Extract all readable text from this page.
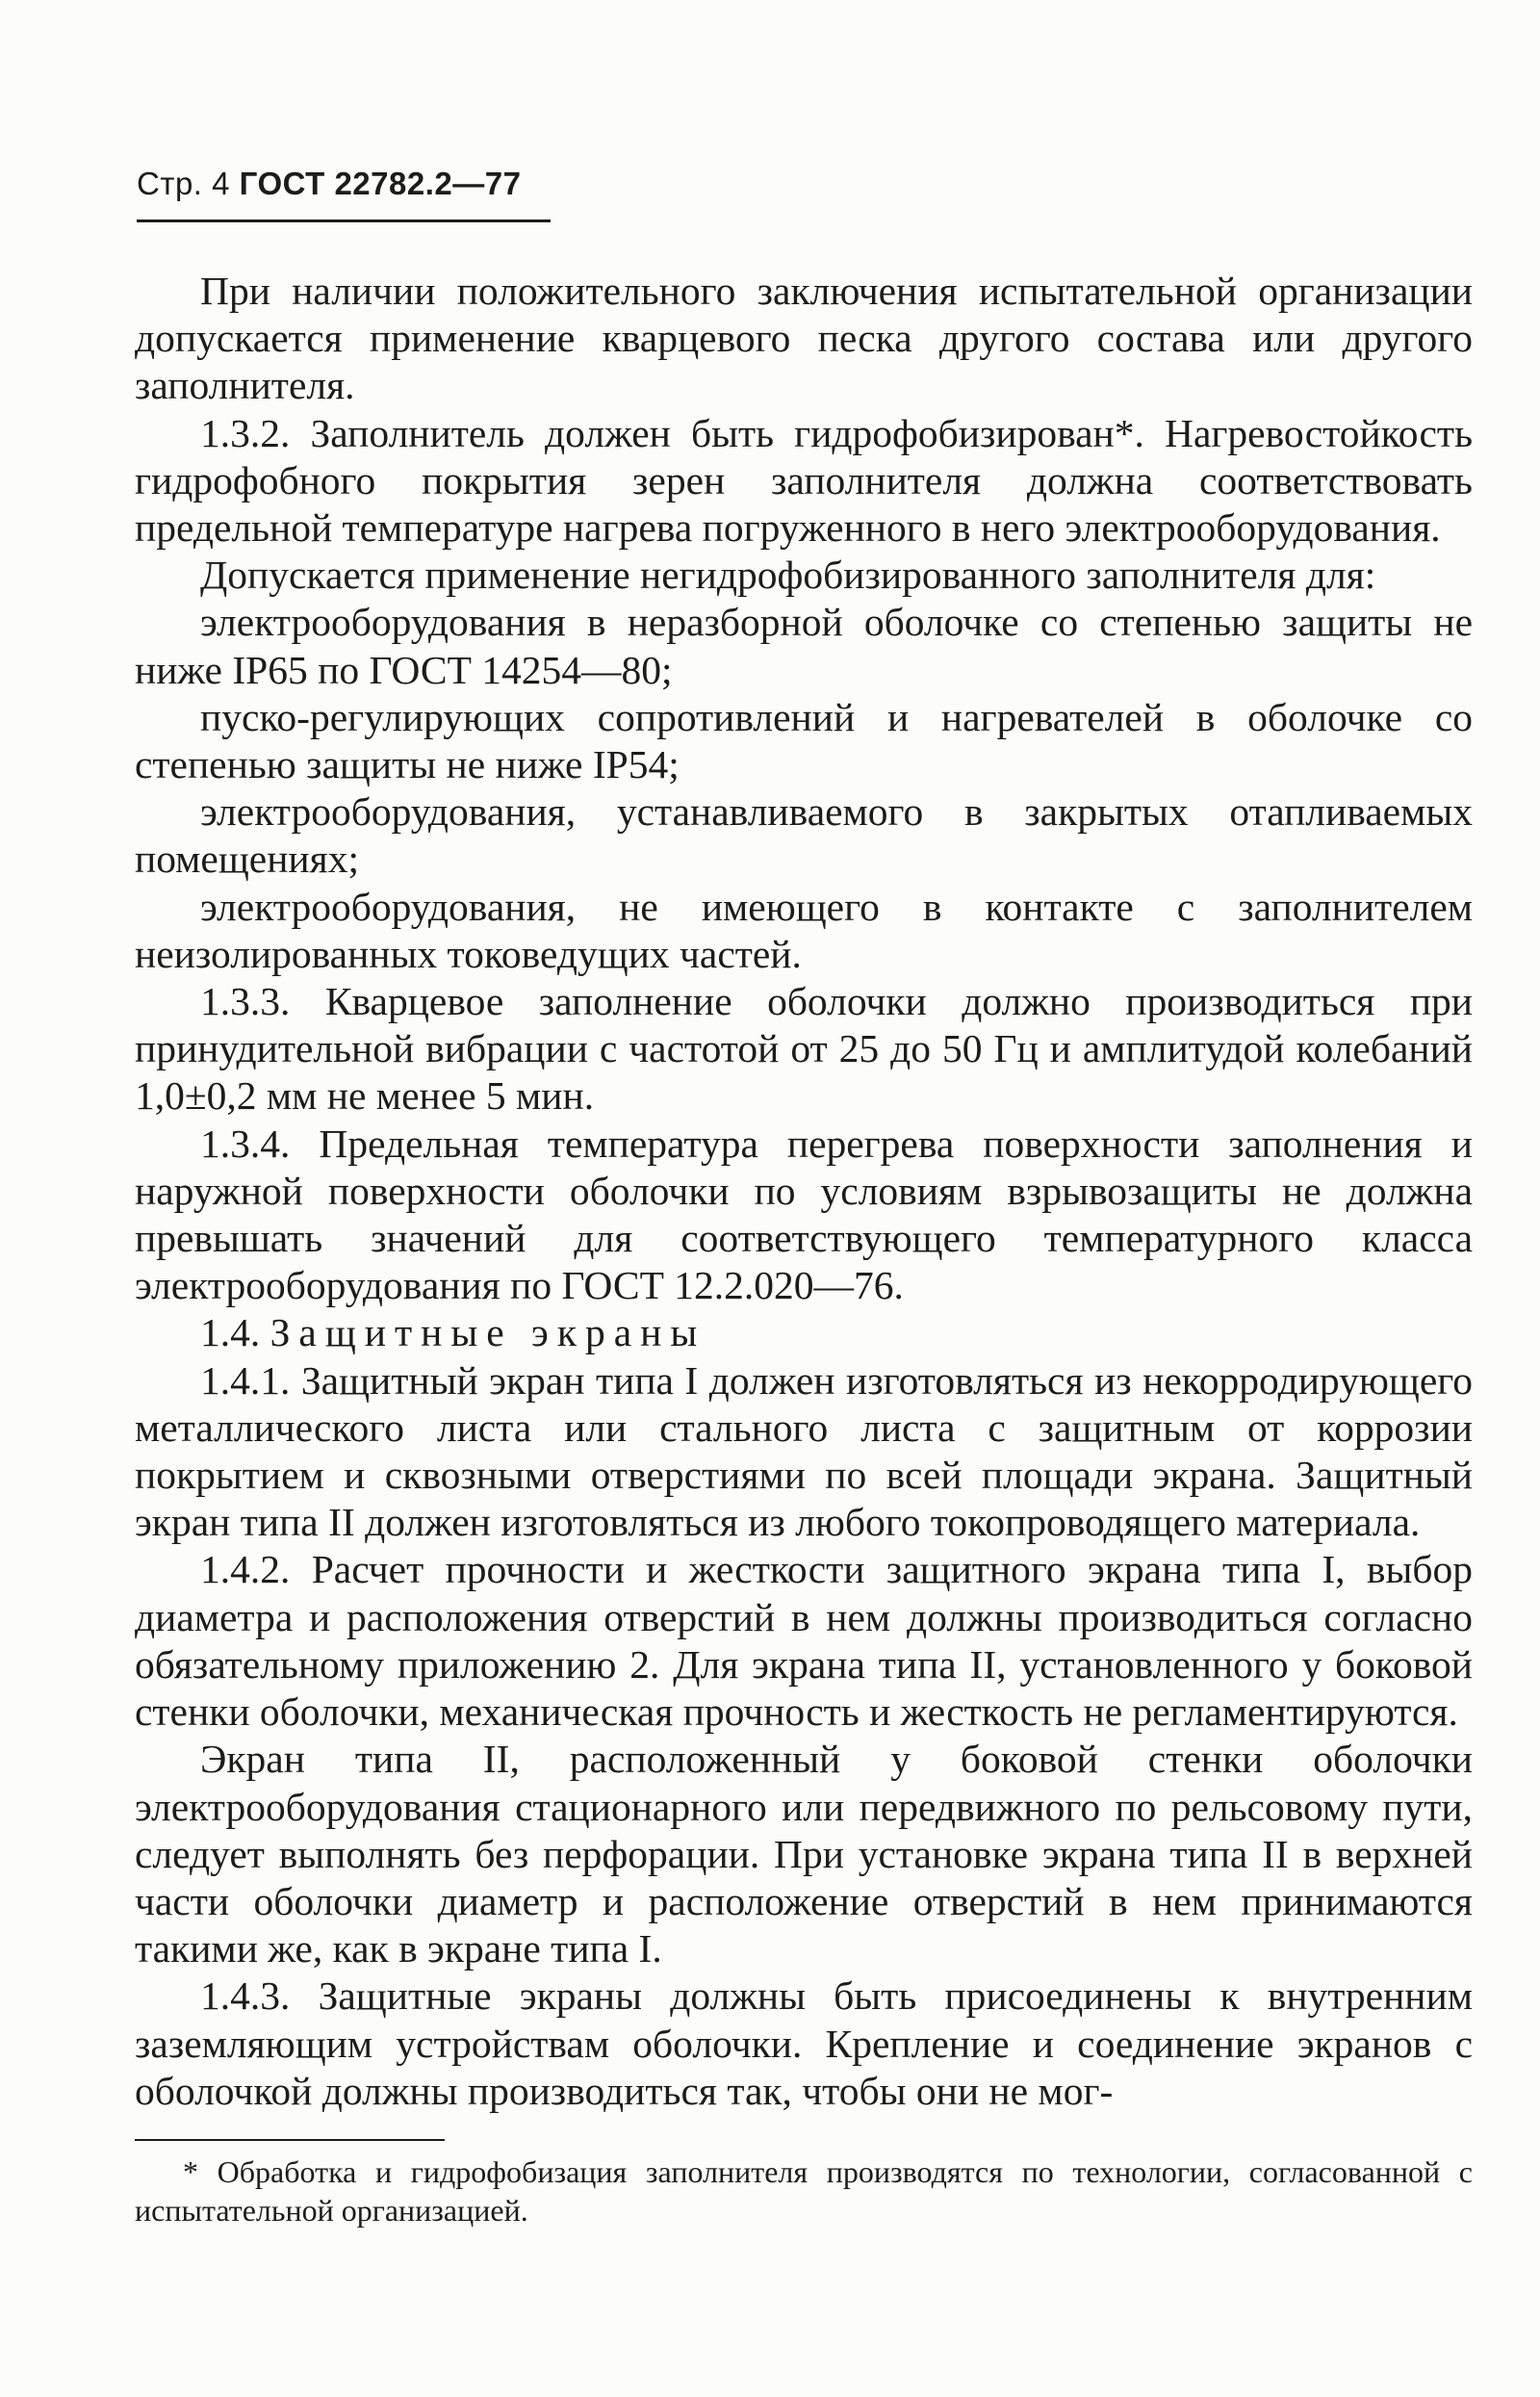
Стр. 4 ГОСТ 22782.2—77

При наличии положительного заключения испытательной организации допускается применение кварцевого песка другого состава или другого заполнителя.

1.3.2. Заполнитель должен быть гидрофобизирован*. Нагревостойкость гидрофобного покрытия зерен заполнителя должна соответствовать предельной температуре нагрева погруженного в него электрооборудования.

Допускается применение негидрофобизированного заполнителя для:

электрооборудования в неразборной оболочке со степенью защиты не ниже IP65 по ГОСТ 14254—80;

пуско-регулирующих сопротивлений и нагревателей в оболочке со степенью защиты не ниже IP54;

электрооборудования, устанавливаемого в закрытых отапливаемых помещениях;

электрооборудования, не имеющего в контакте с заполнителем неизолированных токоведущих частей.

1.3.3. Кварцевое заполнение оболочки должно производиться при принудительной вибрации с частотой от 25 до 50 Гц и амплитудой колебаний 1,0±0,2 мм не менее 5 мин.

1.3.4. Предельная температура перегрева поверхности заполнения и наружной поверхности оболочки по условиям взрывозащиты не должна превышать значений для соответствующего температурного класса электрооборудования по ГОСТ 12.2.020—76.

1.4. Защитные экраны

1.4.1. Защитный экран типа I должен изготовляться из некорродирующего металлического листа или стального листа с защитным от коррозии покрытием и сквозными отверстиями по всей площади экрана. Защитный экран типа II должен изготовляться из любого токопроводящего материала.

1.4.2. Расчет прочности и жесткости защитного экрана типа I, выбор диаметра и расположения отверстий в нем должны производиться согласно обязательному приложению 2. Для экрана типа II, установленного у боковой стенки оболочки, механическая прочность и жесткость не регламентируются.

Экран типа II, расположенный у боковой стенки оболочки электрооборудования стационарного или передвижного по рельсовому пути, следует выполнять без перфорации. При установке экрана типа II в верхней части оболочки диаметр и расположение отверстий в нем принимаются такими же, как в экране типа I.

1.4.3. Защитные экраны должны быть присоединены к внутренним заземляющим устройствам оболочки. Крепление и соединение экранов с оболочкой должны производиться так, чтобы они не мог-

* Обработка и гидрофобизация заполнителя производятся по технологии, согласованной с испытательной организацией.
